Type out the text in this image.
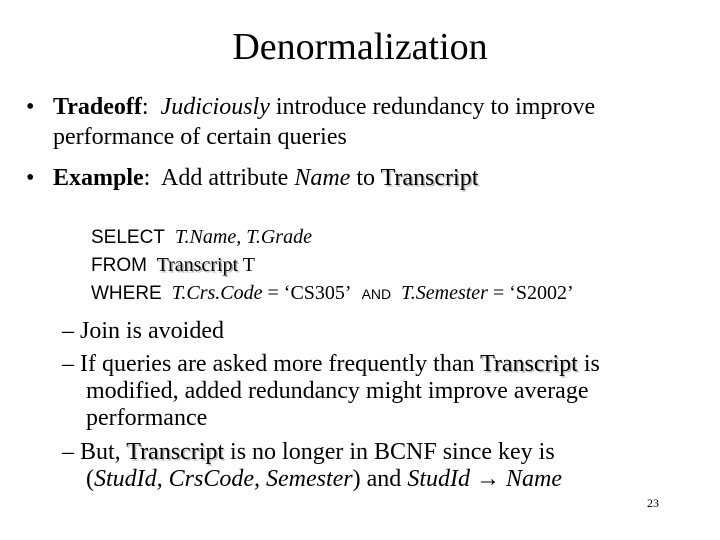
Denormalization
• Tradeoff: Judiciously introduce redundancy to improve
performance of certain queries
• Example: Add attribute Name to Transcript
SELECT T.Name, T.Grade
FROM Transcript T
WHERE T.Crs.Code = ‘CS305’ AND T.Semester = ‘S2002’
– Join is avoided
– If queries are asked more frequently than Transcript is
modified, added redundancy might improve average
performance
– But, Transcript is no longer in BCNF since key is
(StudId, CrsCode, Semester) and StudId → Name
23
